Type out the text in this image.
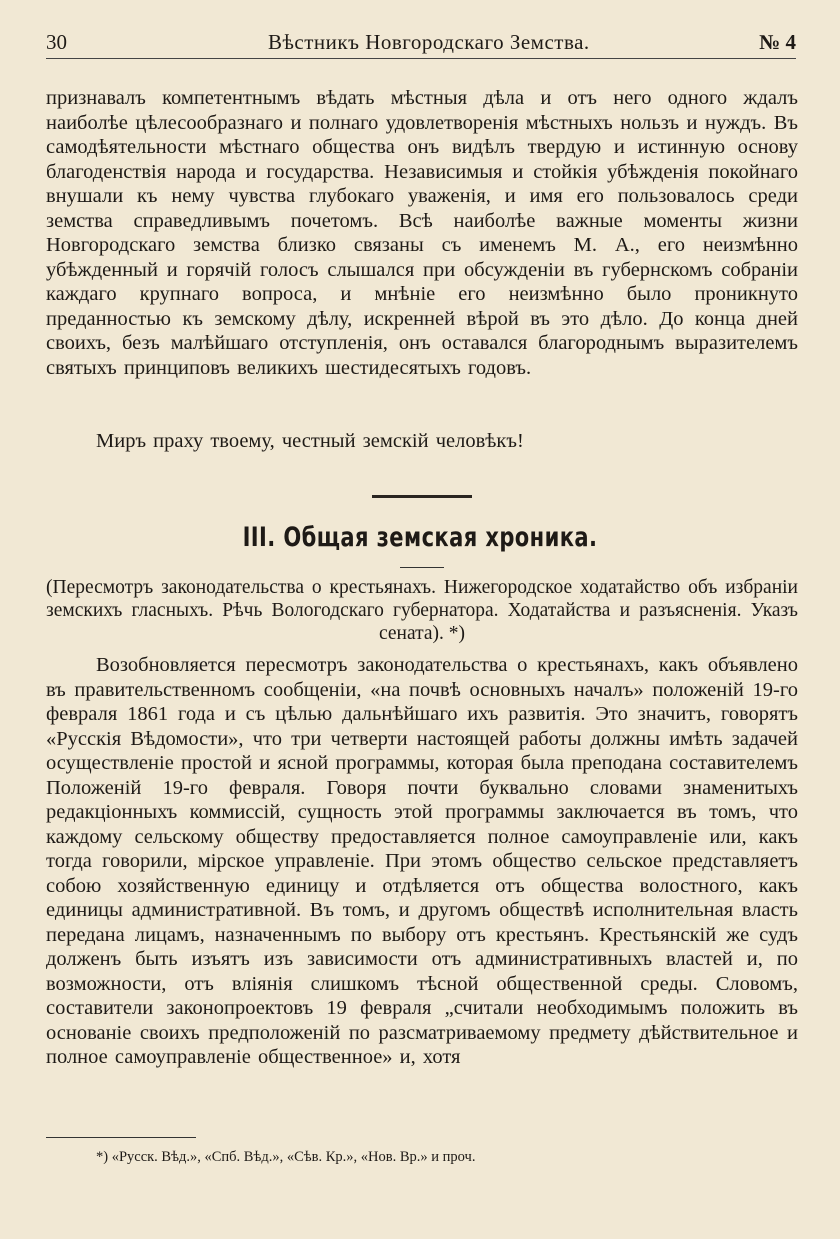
30	Вѣстникъ Новгородскаго Земства.	№ 4

признавалъ компетентнымъ вѣдать мѣстныя дѣла и отъ него одного ждалъ наиболѣе цѣлесообразнаго и полнаго удовлетворенія мѣстныхъ нользъ и нуждъ. Въ самодѣятельности мѣстнаго общества онъ видѣлъ твердую и истинную основу благоденствія народа и государства. Независимыя и стойкія убѣжденія покойнаго внушали къ нему чувства глубокаго уваженія, и имя его пользовалось среди земства справедливымъ почетомъ. Всѣ наиболѣе важные моменты жизни Новгородскаго земства близко связаны съ именемъ М. А., его неизмѣнно убѣжденный и горячій голосъ слышался при обсужденіи въ губернскомъ собраніи каждаго крупнаго вопроса, и мнѣніе его неизмѣнно было проникнуто преданностью къ земскому дѣлу, искренней вѣрой въ это дѣло. До конца дней своихъ, безъ малѣйшаго отступленія, онъ оставался благороднымъ выразителемъ святыхъ принциповъ великихъ шестидесятыхъ годовъ.

Миръ праху твоему, честный земскій человѣкъ!

III. Общая земская хроника.

(Пересмотръ законодательства о крестьянахъ. Нижегородское ходатайство объ избраніи земскихъ гласныхъ. Рѣчь Вологодскаго губернатора. Ходатайства и разъясненія. Указъ сената). *)

Возобновляется пересмотръ законодательства о крестьянахъ, какъ объявлено въ правительственномъ сообщеніи, «на почвѣ основныхъ началъ» положеній 19-го февраля 1861 года и съ цѣлью дальнѣйшаго ихъ развитія. Это значитъ, говорятъ «Русскія Вѣдомости», что три четверти настоящей работы должны имѣть задачей осуществленіе простой и ясной программы, которая была преподана составителемъ Положеній 19-го февраля. Говоря почти буквально словами знаменитыхъ редакціонныхъ коммиссій, сущность этой программы заключается въ томъ, что каждому сельскому обществу предоставляется полное самоуправленіе или, какъ тогда говорили, мірское управленіе. При этомъ общество сельское представляетъ собою хозяйственную единицу и отдѣляется отъ общества волостного, какъ единицы административной. Въ томъ, и другомъ обществѣ исполнительная власть передана лицамъ, назначеннымъ по выбору отъ крестьянъ. Крестьянскій же судъ долженъ быть изъятъ изъ зависимости отъ административныхъ властей и, по возможности, отъ вліянія слишкомъ тѣсной общественной среды. Словомъ, составители законопроектовъ 19 февраля „считали необходимымъ положить въ основаніе своихъ предположеній по разсматриваемому предмету дѣйствительное и полное самоуправленіе общественное» и, хотя

*) «Русск. Вѣд.», «Спб. Вѣд.», «Сѣв. Кр.», «Нов. Вр.» и проч.
